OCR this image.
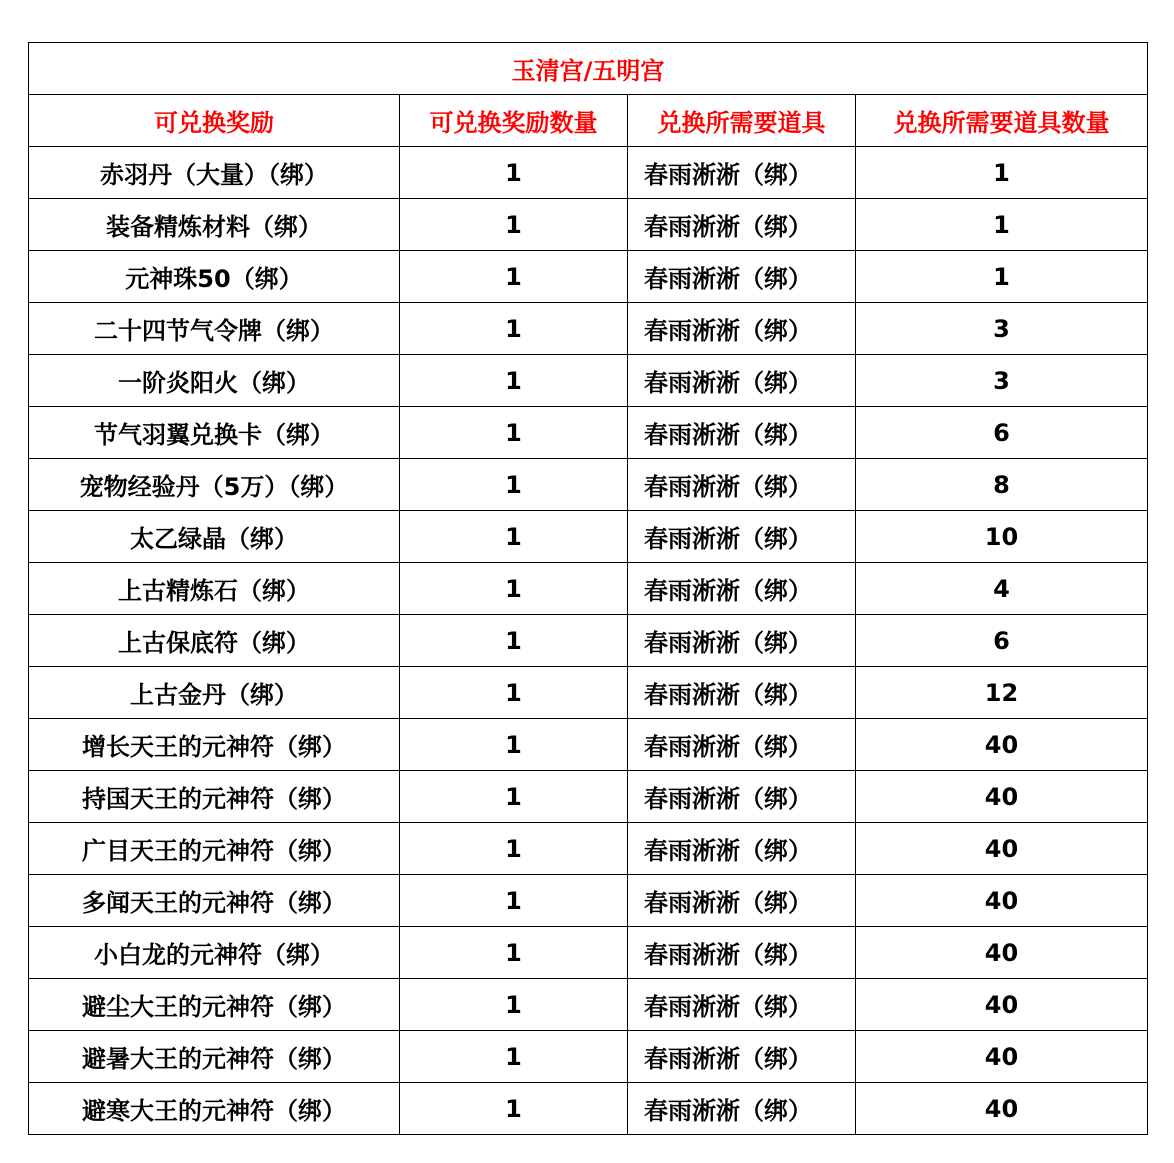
玉清宫/五明宫			
可兑换奖励	可兑换奖励数量	兑换所需要道具	兑换所需要道具数量
赤羽丹（大量）（绑）	1	春雨淅淅（绑）	1
装备精炼材料（绑）	1	春雨淅淅（绑）	1
元神珠50（绑）	1	春雨淅淅（绑）	1
二十四节气令牌（绑）	1	春雨淅淅（绑）	3
一阶炎阳火（绑）	1	春雨淅淅（绑）	3
节气羽翼兑换卡（绑）	1	春雨淅淅（绑）	6
宠物经验丹（5万）（绑）	1	春雨淅淅（绑）	8
太乙绿晶（绑）	1	春雨淅淅（绑）	10
上古精炼石（绑）	1	春雨淅淅（绑）	4
上古保底符（绑）	1	春雨淅淅（绑）	6
上古金丹（绑）	1	春雨淅淅（绑）	12
增长天王的元神符（绑）	1	春雨淅淅（绑）	40
持国天王的元神符（绑）	1	春雨淅淅（绑）	40
广目天王的元神符（绑）	1	春雨淅淅（绑）	40
多闻天王的元神符（绑）	1	春雨淅淅（绑）	40
小白龙的元神符（绑）	1	春雨淅淅（绑）	40
避尘大王的元神符（绑）	1	春雨淅淅（绑）	40
避暑大王的元神符（绑）	1	春雨淅淅（绑）	40
避寒大王的元神符（绑）	1	春雨淅淅（绑）	40
